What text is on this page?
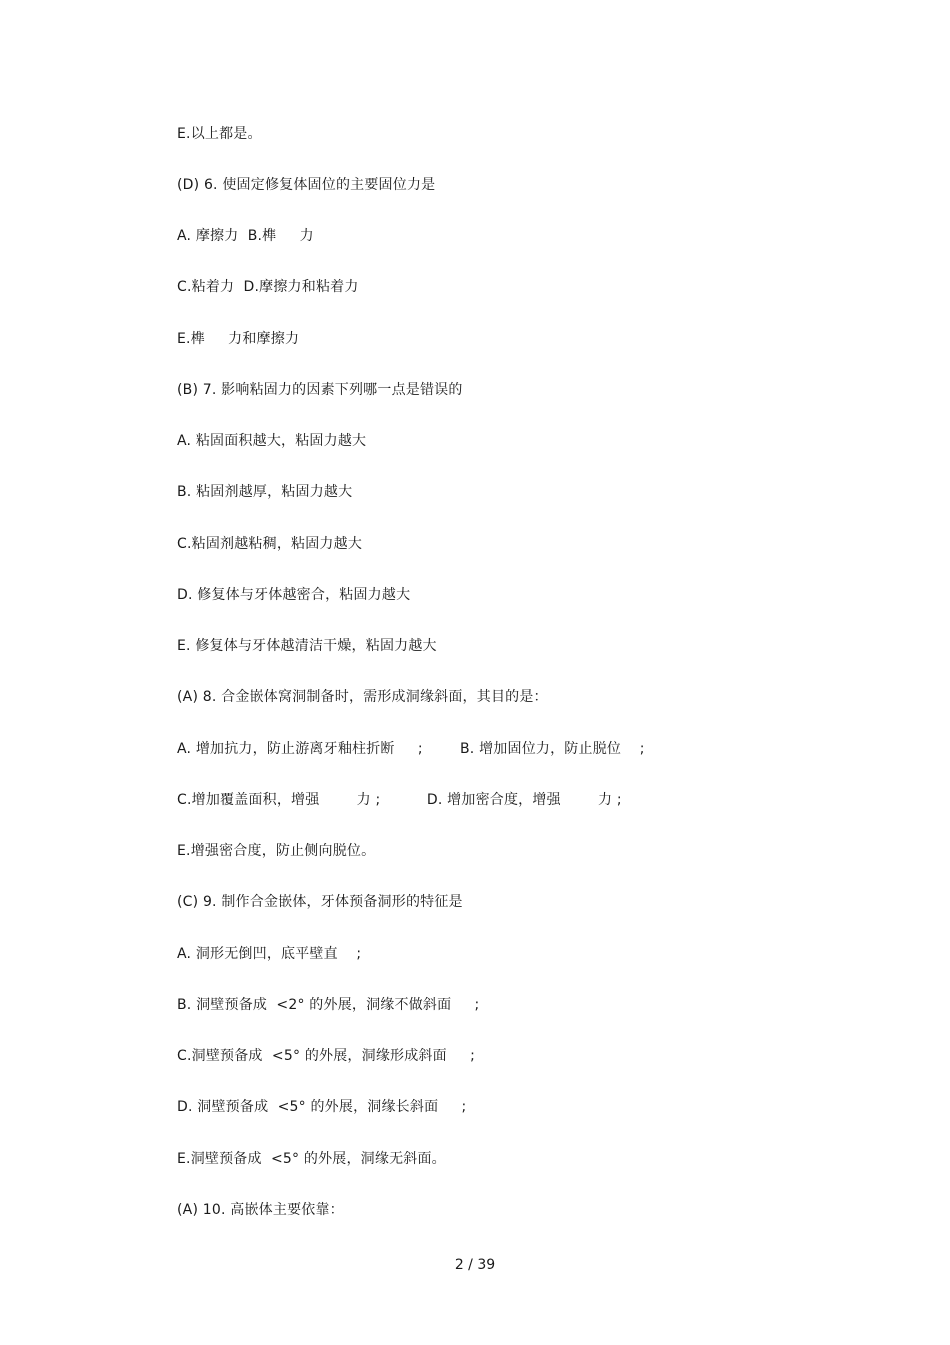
E.以上都是。
(D) 6. 使固定修复体固位的主要固位力是
A. 摩擦力  B.榫     力
C.粘着力  D.摩擦力和粘着力
E.榫     力和摩擦力
(B) 7. 影响粘固力的因素下列哪一点是错误的
A. 粘固面积越大，粘固力越大
B. 粘固剂越厚，粘固力越大
C.粘固剂越粘稠，粘固力越大
D. 修复体与牙体越密合，粘固力越大
E. 修复体与牙体越清洁干燥，粘固力越大
(A) 8. 合金嵌体窝洞制备时，需形成洞缘斜面，其目的是：
A. 增加抗力，防止游离牙釉柱折断     ;        B. 增加固位力，防止脱位    ;
C.增加覆盖面积，增强        力 ;          D. 增加密合度，增强        力 ;
E.增强密合度，防止侧向脱位。
(C) 9. 制作合金嵌体，牙体预备洞形的特征是
A. 洞形无倒凹，底平壁直    ;
B. 洞壁预备成  <2° 的外展，洞缘不做斜面     ;
C.洞壁预备成  <5° 的外展，洞缘形成斜面     ;
D. 洞壁预备成  <5° 的外展，洞缘长斜面     ;
E.洞壁预备成  <5° 的外展，洞缘无斜面。
(A) 10. 高嵌体主要依靠：
2 / 39
